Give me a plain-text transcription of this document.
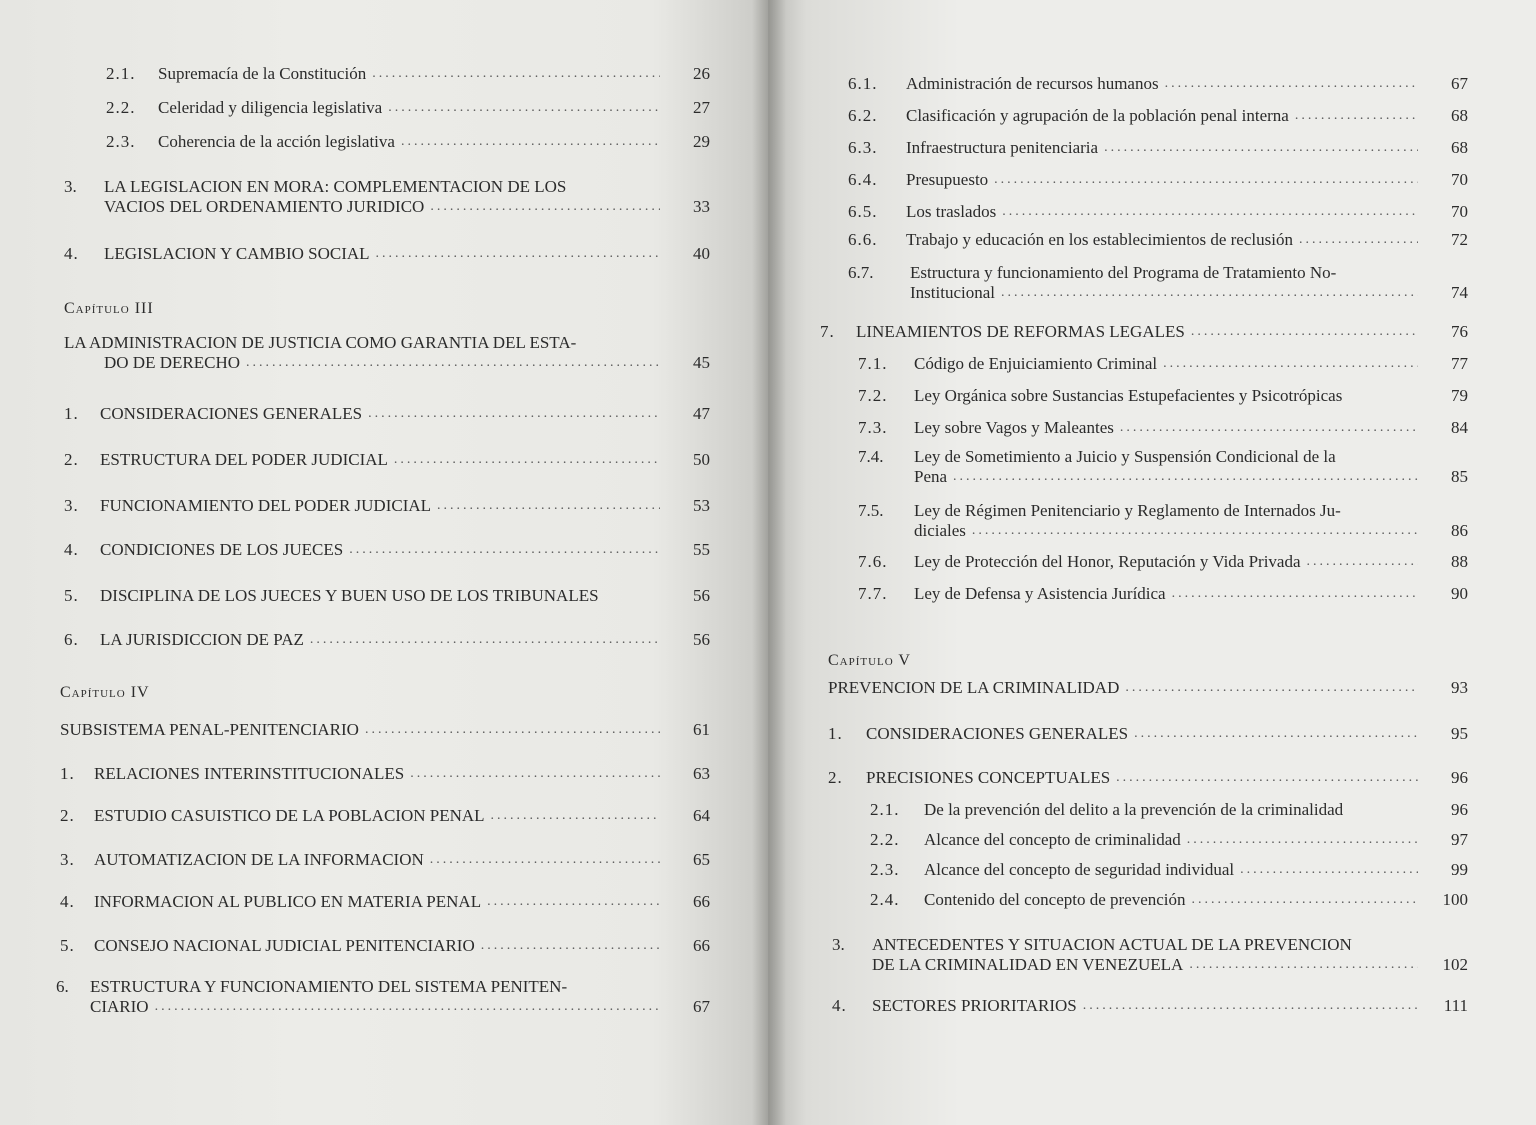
2.1.	Supremacía de la Constitución .....	26
2.2.	Celeridad y diligencia legislativa .....	27
2.3.	Coherencia de la acción legislativa .....	29
3.	LA LEGISLACION EN MORA: COMPLEMENTACION DE LOS
VACIOS DEL ORDENAMIENTO JURIDICO .....	33
4.	LEGISLACION Y CAMBIO SOCIAL .....	40
Capítulo III
LA ADMINISTRACION DE JUSTICIA COMO GARANTIA DEL ESTA-
DO DE DERECHO .....	45
1.	CONSIDERACIONES GENERALES .....	47
2.	ESTRUCTURA DEL PODER JUDICIAL .....	50
3.	FUNCIONAMIENTO DEL PODER JUDICIAL .....	53
4.	CONDICIONES DE LOS JUECES .....	55
5.	DISCIPLINA DE LOS JUECES Y BUEN USO DE LOS TRIBUNALES	56
6.	LA JURISDICCION DE PAZ .....	56
Capítulo IV
SUBSISTEMA PENAL-PENITENCIARIO .....	61
1.	RELACIONES INTERINSTITUCIONALES .....	63
2.	ESTUDIO CASUISTICO DE LA POBLACION PENAL .....	64
3.	AUTOMATIZACION DE LA INFORMACION .....	65
4.	INFORMACION AL PUBLICO EN MATERIA PENAL .....	66
5.	CONSEJO NACIONAL JUDICIAL PENITENCIARIO .....	66
6.	ESTRUCTURA Y FUNCIONAMIENTO DEL SISTEMA PENITEN-
CIARIO .....	67
6.1.	Administración de recursos humanos .....	67
6.2.	Clasificación y agrupación de la población penal interna .....	68
6.3.	Infraestructura penitenciaria .....	68
6.4.	Presupuesto .....	70
6.5.	Los traslados .....	70
6.6.	Trabajo y educación en los establecimientos de reclusión .....	72
6.7.	Estructura y funcionamiento del Programa de Tratamiento No-
Institucional .....	74
7.	LINEAMIENTOS DE REFORMAS LEGALES .....	76
7.1.	Código de Enjuiciamiento Criminal .....	77
7.2.	Ley Orgánica sobre Sustancias Estupefacientes y Psicotrópicas	79
7.3.	Ley sobre Vagos y Maleantes .....	84
7.4.	Ley de Sometimiento a Juicio y Suspensión Condicional de la
Pena .....	85
7.5.	Ley de Régimen Penitenciario y Reglamento de Internados Ju-
diciales .....	86
7.6.	Ley de Protección del Honor, Reputación y Vida Privada .....	88
7.7.	Ley de Defensa y Asistencia Jurídica .....	90
Capítulo V
PREVENCION DE LA CRIMINALIDAD .....	93
1.	CONSIDERACIONES GENERALES .....	95
2.	PRECISIONES CONCEPTUALES .....	96
2.1.	De la prevención del delito a la prevención de la criminalidad	96
2.2.	Alcance del concepto de criminalidad .....	97
2.3.	Alcance del concepto de seguridad individual .....	99
2.4.	Contenido del concepto de prevención .....	100
3.	ANTECEDENTES Y SITUACION ACTUAL DE LA PREVENCION
DE LA CRIMINALIDAD EN VENEZUELA .....	102
4.	SECTORES PRIORITARIOS .....	111
